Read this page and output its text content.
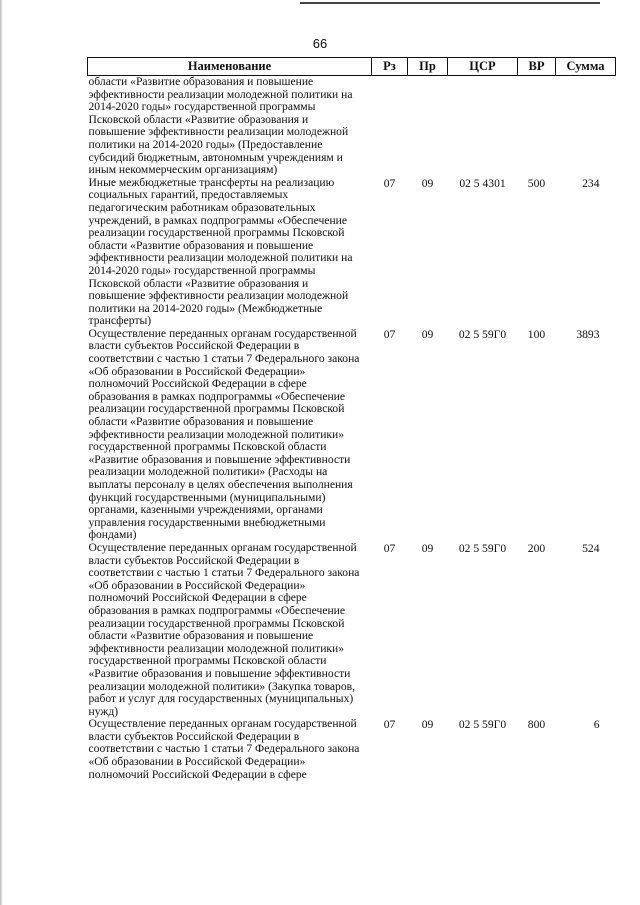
66
Наименование	Рз	Пр	ЦСР	ВР	Сумма
области «Развитие образования и повышение эффективности реализации молодежной политики на 2014-2020 годы» государственной программы Псковской области «Развитие образования и повышение эффективности реализации молодежной политики на 2014-2020 годы» (Предоставление субсидий бюджетным, автономным учреждениям и иным некоммерческим организациям)					
Иные межбюджетные трансферты на реализацию социальных гарантий, предоставляемых педагогическим работникам образовательных учреждений, в рамках подпрограммы «Обеспечение реализации государственной программы Псковской области «Развитие образования и повышение эффективности реализации молодежной политики на 2014-2020 годы» государственной программы Псковской области «Развитие образования и повышение эффективности реализации молодежной политики на 2014-2020 годы» (Межбюджетные трансферты)	07	09	02 5 4301	500	234
Осуществление переданных органам государственной власти субъектов Российской Федерации в соответствии с частью 1 статьи 7 Федерального закона «Об образовании в Российской Федерации» полномочий Российской Федерации в сфере образования в рамках подпрограммы «Обеспечение реализации государственной программы Псковской области «Развитие образования и повышение эффективности реализации молодежной политики» государственной программы Псковской области «Развитие образования и повышение эффективности реализации молодежной политики» (Расходы на выплаты персоналу в целях обеспечения выполнения функций государственными (муниципальными) органами, казенными учреждениями, органами управления государственными внебюджетными фондами)	07	09	02 5 59Г0	100	3893
Осуществление переданных органам государственной власти субъектов Российской Федерации в соответствии с частью 1 статьи 7 Федерального закона «Об образовании в Российской Федерации» полномочий Российской Федерации в сфере образования в рамках подпрограммы «Обеспечение реализации государственной программы Псковской области «Развитие образования и повышение эффективности реализации молодежной политики» государственной программы Псковской области «Развитие образования и повышение эффективности реализации молодежной политики» (Закупка товаров, работ и услуг для государственных (муниципальных) нужд)	07	09	02 5 59Г0	200	524
Осуществление переданных органам государственной власти субъектов Российской Федерации в соответствии с частью 1 статьи 7 Федерального закона «Об образовании в Российской Федерации» полномочий Российской Федерации в сфере	07	09	02 5 59Г0	800	6
